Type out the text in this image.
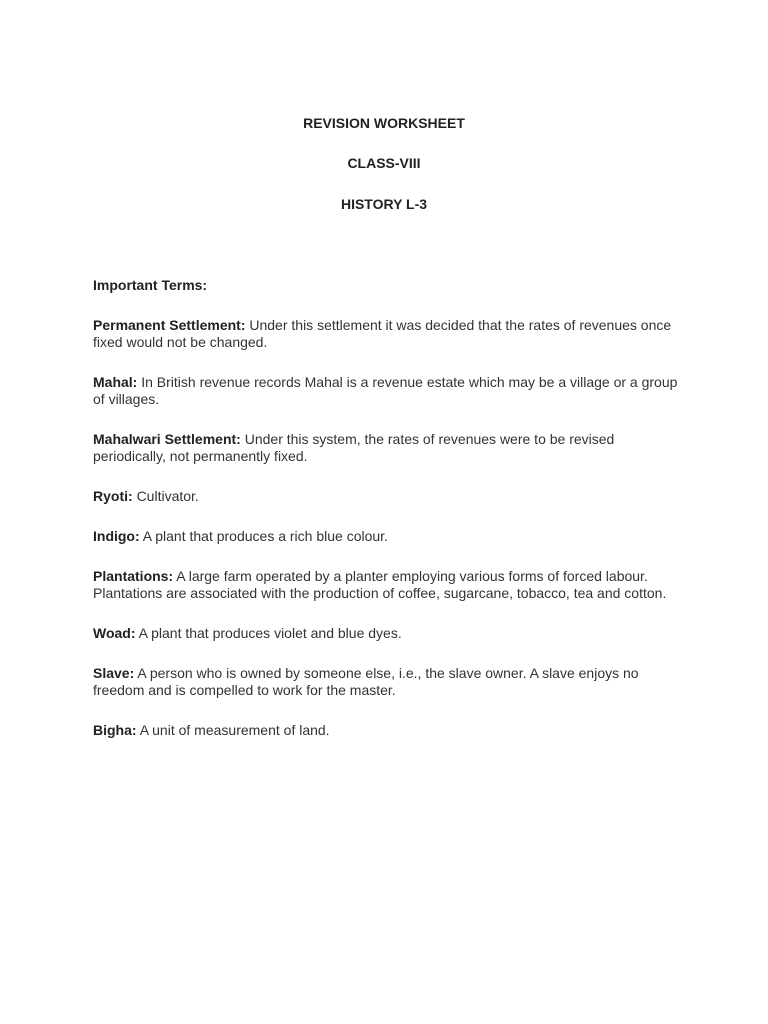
REVISION WORKSHEET
CLASS-VIII
HISTORY L-3
Important Terms:

Permanent Settlement: Under this settlement it was decided that the rates of revenues once fixed would not be changed.

Mahal: In British revenue records Mahal is a revenue estate which may be a village or a group of villages.

Mahalwari Settlement: Under this system, the rates of revenues were to be revised periodically, not permanently fixed.

Ryoti: Cultivator.

Indigo: A plant that produces a rich blue colour.

Plantations: A large farm operated by a planter employing various forms of forced labour. Plantations are associated with the production of coffee, sugarcane, tobacco, tea and cotton.

Woad: A plant that produces violet and blue dyes.

Slave: A person who is owned by someone else, i.e., the slave owner. A slave enjoys no freedom and is compelled to work for the master.

Bigha: A unit of measurement of land.
